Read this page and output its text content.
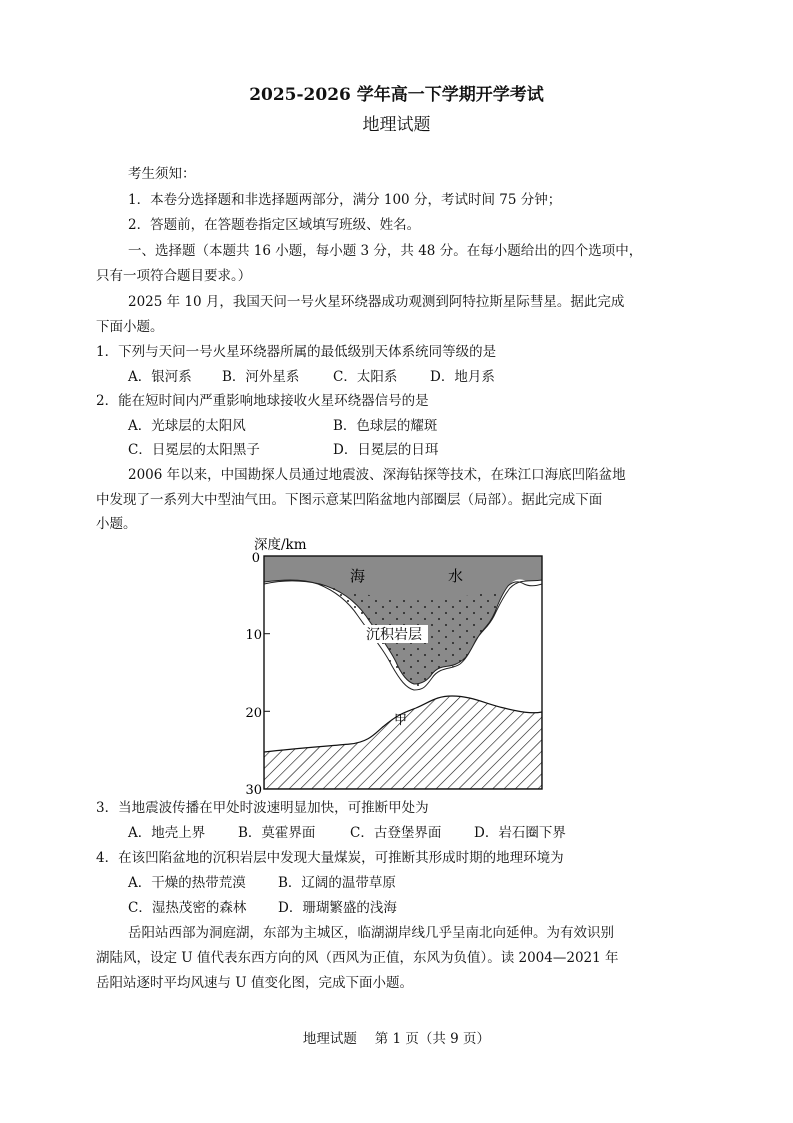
2025-2026 学年高一下学期开学考试
地理试题
考生须知：
1．本卷分选择题和非选择题两部分，满分 100 分，考试时间 75 分钟；
2．答题前，在答题卷指定区域填写班级、姓名。
一、选择题（本题共 16 小题，每小题 3 分，共 48 分。在每小题给出的四个选项中，
只有一项符合题目要求。）
2025 年 10 月，我国天问一号火星环绕器成功观测到阿特拉斯星际彗星。据此完成
下面小题。
1．下列与天问一号火星环绕器所属的最低级别天体系统同等级的是
A．银河系 B．河外星系 C．太阳系 D．地月系
2．能在短时间内严重影响地球接收火星环绕器信号的是
A．光球层的太阳风	B．色球层的耀斑
C．日冕层的太阳黑子	D．日冕层的日珥
2006 年以来，中国勘探人员通过地震波、深海钻探等技术，在珠江口海底凹陷盆地
中发现了一系列大中型油气田。下图示意某凹陷盆地内部圈层（局部）。据此完成下面
小题。
深度/km
0
10
20
30
海	水
沉积岩层
甲
3．当地震波传播在甲处时波速明显加快，可推断甲处为
A．地壳上界 B．莫霍界面	C．古登堡界面 D．岩石圈下界
4．在该凹陷盆地的沉积岩层中发现大量煤炭，可推断其形成时期的地理环境为
A．干燥的热带荒漠 B．辽阔的温带草原
C．湿热茂密的森林 D．珊瑚繁盛的浅海
岳阳站西部为洞庭湖，东部为主城区，临湖湖岸线几乎呈南北向延伸。为有效识别
湖陆风，设定 U 值代表东西方向的风（西风为正值，东风为负值）。读 2004—2021 年
岳阳站逐时平均风速与 U 值变化图，完成下面小题。
地理试题　 第 1 页（共 9 页）
